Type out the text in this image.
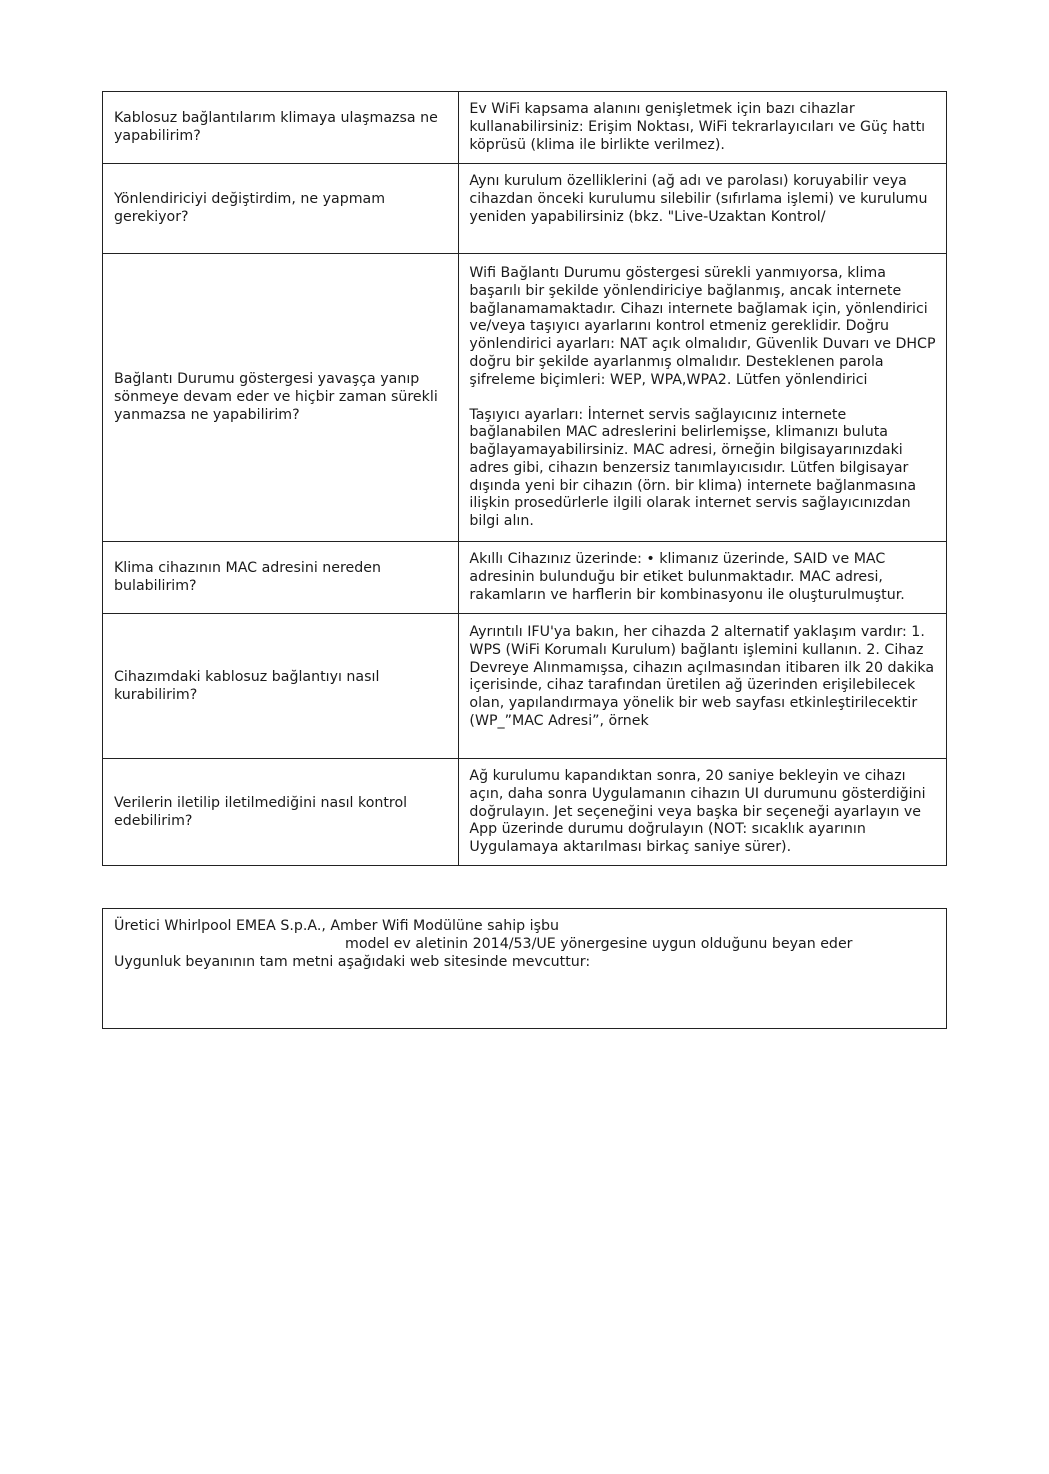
Kablosuz bağlantılarım klimaya ulaşmazsa ne yapabilirim?	Ev WiFi kapsama alanını genişletmek için bazı cihazlar kullanabilirsiniz: Erişim Noktası, WiFi tekrarlayıcıları ve Güç hattı köprüsü (klima ile birlikte verilmez).

Yönlendiriciyi değiştirdim, ne yapmam gerekiyor?	Aynı kurulum özelliklerini (ağ adı ve parolası) koruyabilir veya cihazdan önceki kurulumu silebilir (sıfırlama işlemi) ve kurulumu yeniden yapabilirsiniz (bkz. "Live-Uzaktan Kontrol/

Bağlantı Durumu göstergesi yavaşça yanıp sönmeye devam eder ve hiçbir zaman sürekli yanmazsa ne yapabilirim?	Wifi Bağlantı Durumu göstergesi sürekli yanmıyorsa, klima başarılı bir şekilde yönlendiriciye bağlanmış, ancak internete bağlanamamaktadır. Cihazı internete bağlamak için, yönlendirici ve/veya taşıyıcı ayarlarını kontrol etmeniz gereklidir. Doğru yönlendirici ayarları: NAT açık olmalıdır, Güvenlik Duvarı ve DHCP doğru bir şekilde ayarlanmış olmalıdır. Desteklenen parola şifreleme biçimleri: WEP, WPA,WPA2. Lütfen yönlendirici
Taşıyıcı ayarları: İnternet servis sağlayıcınız internete bağlanabilen MAC adreslerini belirlemişse, klimanızı buluta bağlayamayabilirsiniz. MAC adresi, örneğin bilgisayarınızdaki adres gibi, cihazın benzersiz tanımlayıcısıdır. Lütfen bilgisayar dışında yeni bir cihazın (örn. bir klima) internete bağlanmasına ilişkin prosedürlerle ilgili olarak internet servis sağlayıcınızdan bilgi alın.

Klima cihazının MAC adresini nereden bulabilirim?	Akıllı Cihazınız üzerinde: • klimanız üzerinde, SAID ve MAC adresinin bulunduğu bir etiket bulunmaktadır. MAC adresi, rakamların ve harflerin bir kombinasyonu ile oluşturulmuştur.

Cihazımdaki kablosuz bağlantıyı nasıl kurabilirim?	Ayrıntılı IFU'ya bakın, her cihazda 2 alternatif yaklaşım vardır: 1. WPS (WiFi Korumalı Kurulum) bağlantı işlemini kullanın. 2. Cihaz Devreye Alınmamışsa, cihazın açılmasından itibaren ilk 20 dakika içerisinde, cihaz tarafından üretilen ağ üzerinden erişilebilecek olan, yapılandırmaya yönelik bir web sayfası etkinleştirilecektir (WP_”MAC Adresi”, örnek

Verilerin iletilip iletilmediğini nasıl kontrol edebilirim?	Ağ kurulumu kapandıktan sonra, 20 saniye bekleyin ve cihazı açın, daha sonra Uygulamanın cihazın UI durumunu gösterdiğini doğrulayın. Jet seçeneğini veya başka bir seçeneği ayarlayın ve App üzerinde durumu doğrulayın (NOT: sıcaklık ayarının Uygulamaya aktarılması birkaç saniye sürer).
Üretici Whirlpool EMEA S.p.A., Amber Wifi Modülüne sahip işbu
model ev aletinin 2014/53/UE yönergesine uygun olduğunu beyan eder
Uygunluk beyanının tam metni aşağıdaki web sitesinde mevcuttur:
